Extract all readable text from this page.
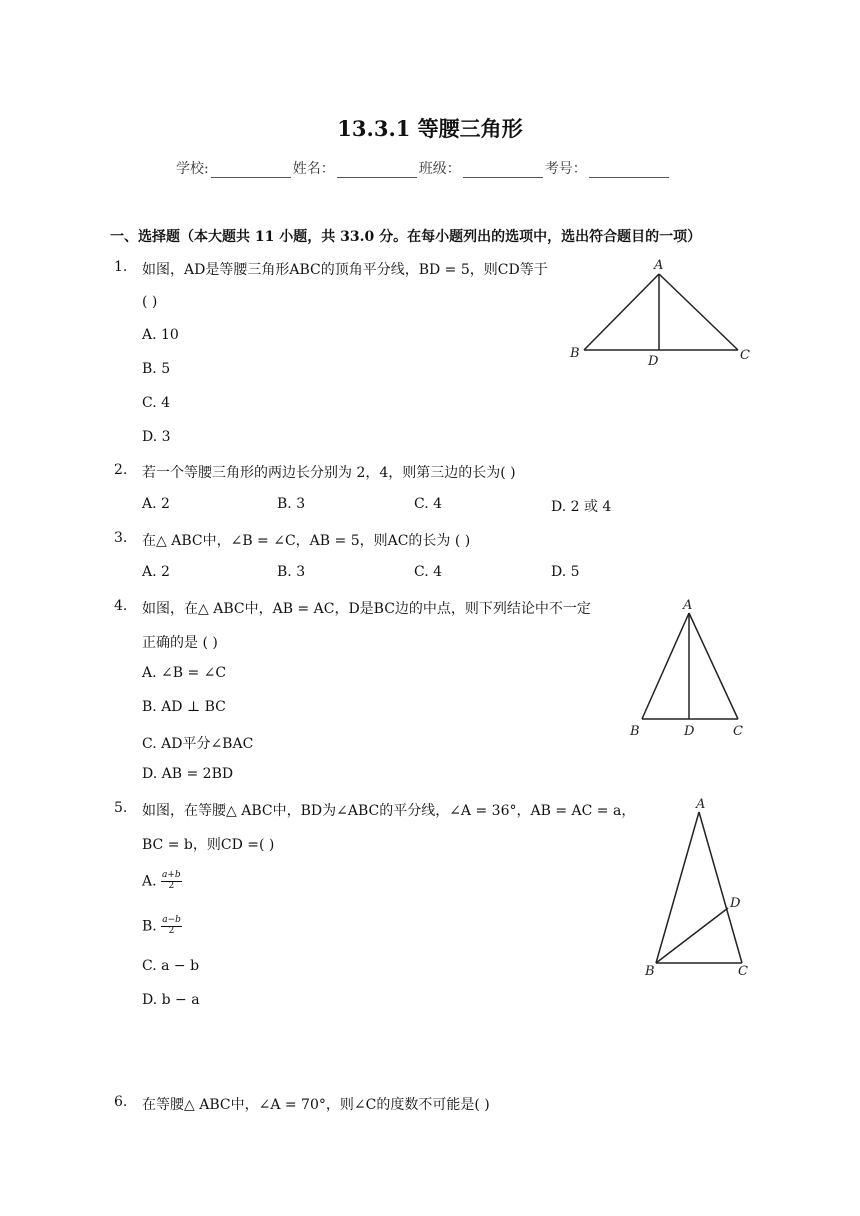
13.3.1 等腰三角形
学校:	姓名：	班级：	考号：
一、选择题（本大题共 11 小题，共 33.0 分。在每小题列出的选项中，选出符合题目的一项）
1. 如图，AD是等腰三角形ABC的顶角平分线，BD = 5，则CD等于
( )
A. 10
B. 5
C. 4
D. 3
A
B
D	C
2. 若一个等腰三角形的两边长分别为 2，4，则第三边的长为( )
A. 2	B. 3	C. 4	D. 2 或 4
3. 在△ ABC中，∠B = ∠C，AB = 5，则AC的长为 ( )
A. 2	B. 3	C. 4	D. 5
4. 如图，在△ ABC中，AB = AC，D是BC边的中点，则下列结论中不一定
正确的是 ( )
A. ∠B = ∠C
B. AD ⊥ BC
C. AD平分∠BAC
D. AB = 2BD
A
B	D	C
5. 如图，在等腰△ ABC中，BD为∠ABC的平分线，∠A = 36°，AB = AC = a，
BC = b，则CD =( )
A. $\frac{a+b}{2}$
B. $\frac{a-b}{2}$
C. a − b
D. b − a
A
D
B	C
6. 在等腰△ ABC中，∠A = 70°，则∠C的度数不可能是( )
